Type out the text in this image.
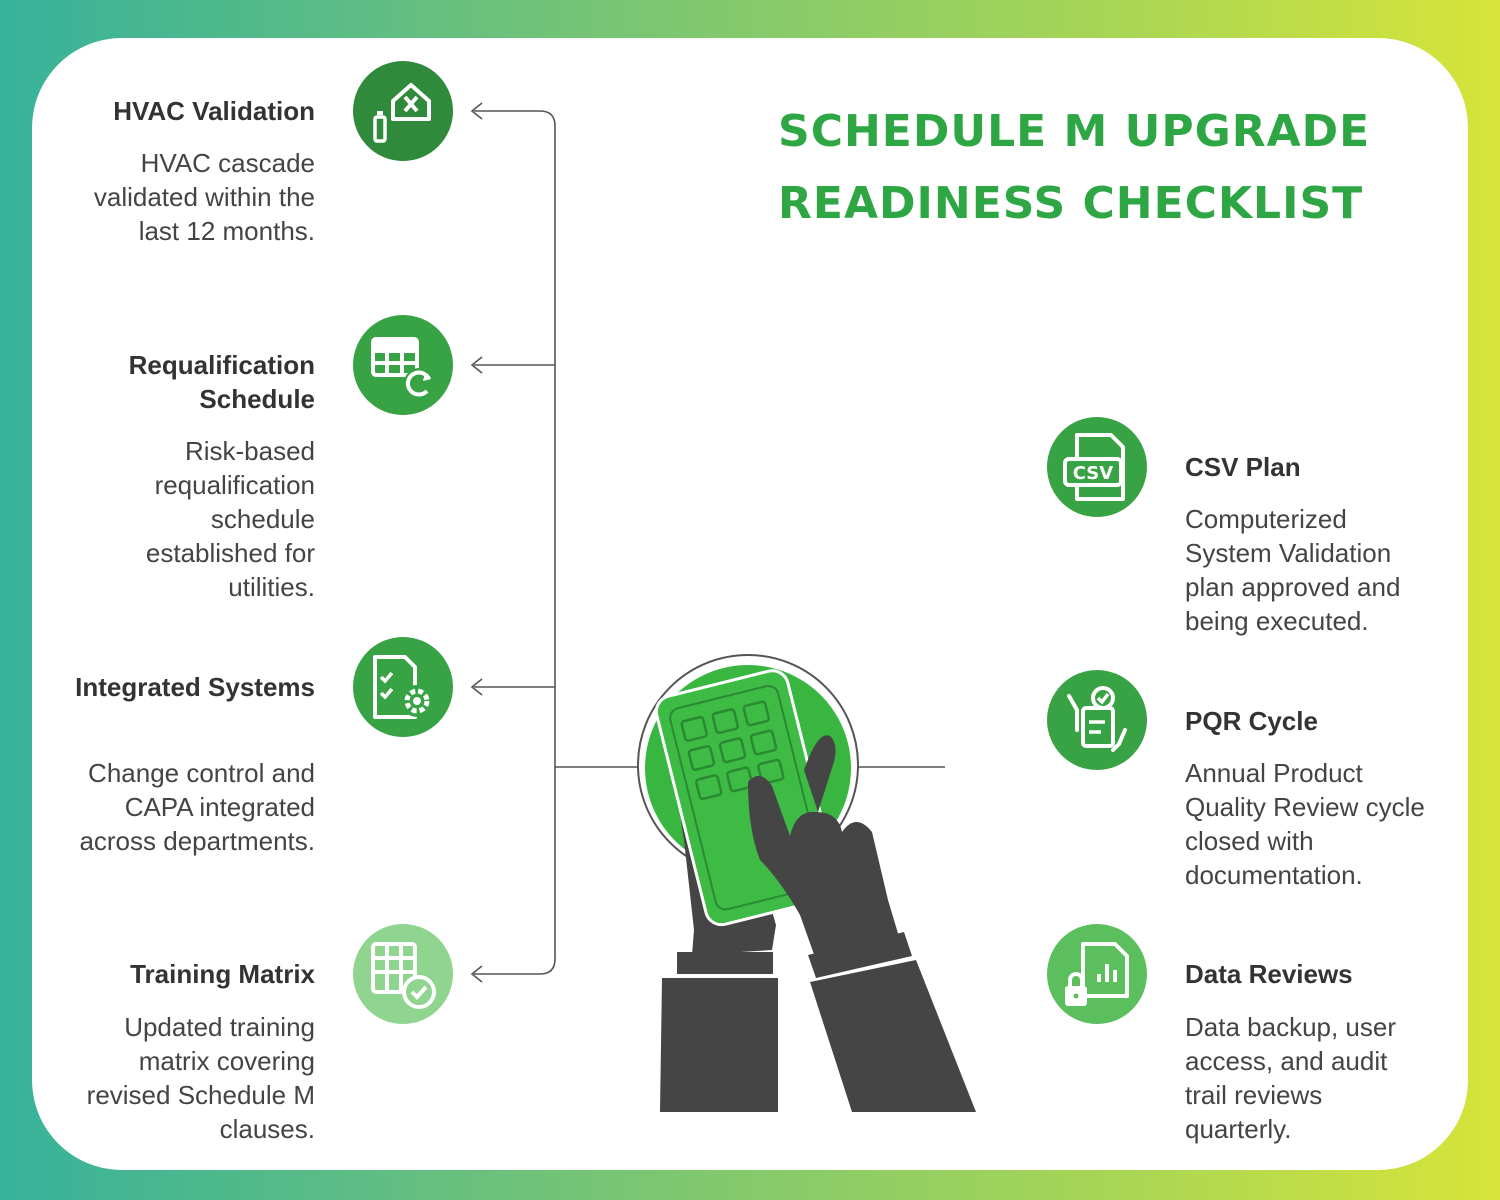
SCHEDULE M UPGRADE
READINESS CHECKLIST
HVAC Validation
HVAC cascade validated within the last 12 months.
Requalification Schedule
Risk-based requalification schedule established for utilities.
Integrated Systems
Change control and CAPA integrated across departments.
Training Matrix
Updated training matrix covering revised Schedule M clauses.
CSV	CSV Plan
Computerized System Validation plan approved and being executed.
PQR Cycle
Annual Product Quality Review cycle closed with documentation.
Data Reviews
Data backup, user access, and audit trail reviews quarterly.
